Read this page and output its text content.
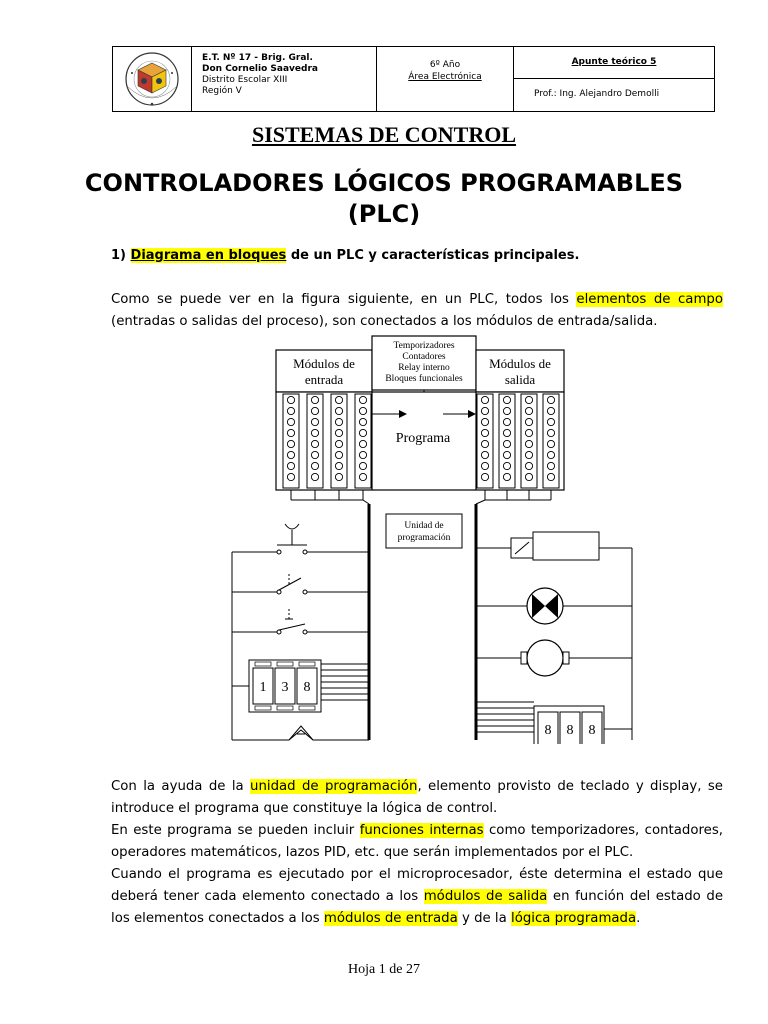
E.T. Nº 17 - Brig. Gral.
Don Cornelio Saavedra
Distrito Escolar XIII
Región V
6º Año
Área Electrónica
Apunte teórico 5
Prof.: Ing. Alejandro Demolli
SISTEMAS DE CONTROL
CONTROLADORES LÓGICOS PROGRAMABLES
(PLC)
1) Diagrama en bloques de un PLC y características principales.
Como se puede ver en la figura siguiente, en un PLC, todos los elementos de campo (entradas o salidas del proceso), son conectados a los módulos de entrada/salida.
Módulos de
entrada
Temporizadores
Contadores
Relay interno
Bloques funcionales
Módulos de
salida
Programa
Unidad de
programación
1 3 8
8 8 8
Con la ayuda de la unidad de programación, elemento provisto de teclado y display, se introduce el programa que constituye la lógica de control.
En este programa se pueden incluir funciones internas como temporizadores, contadores, operadores matemáticos, lazos PID, etc. que serán implementados por el PLC.
Cuando el programa es ejecutado por el microprocesador, éste determina el estado que deberá tener cada elemento conectado a los módulos de salida en función del estado de los elementos conectados a los módulos de entrada y de la lógica programada.
Hoja 1 de 27
